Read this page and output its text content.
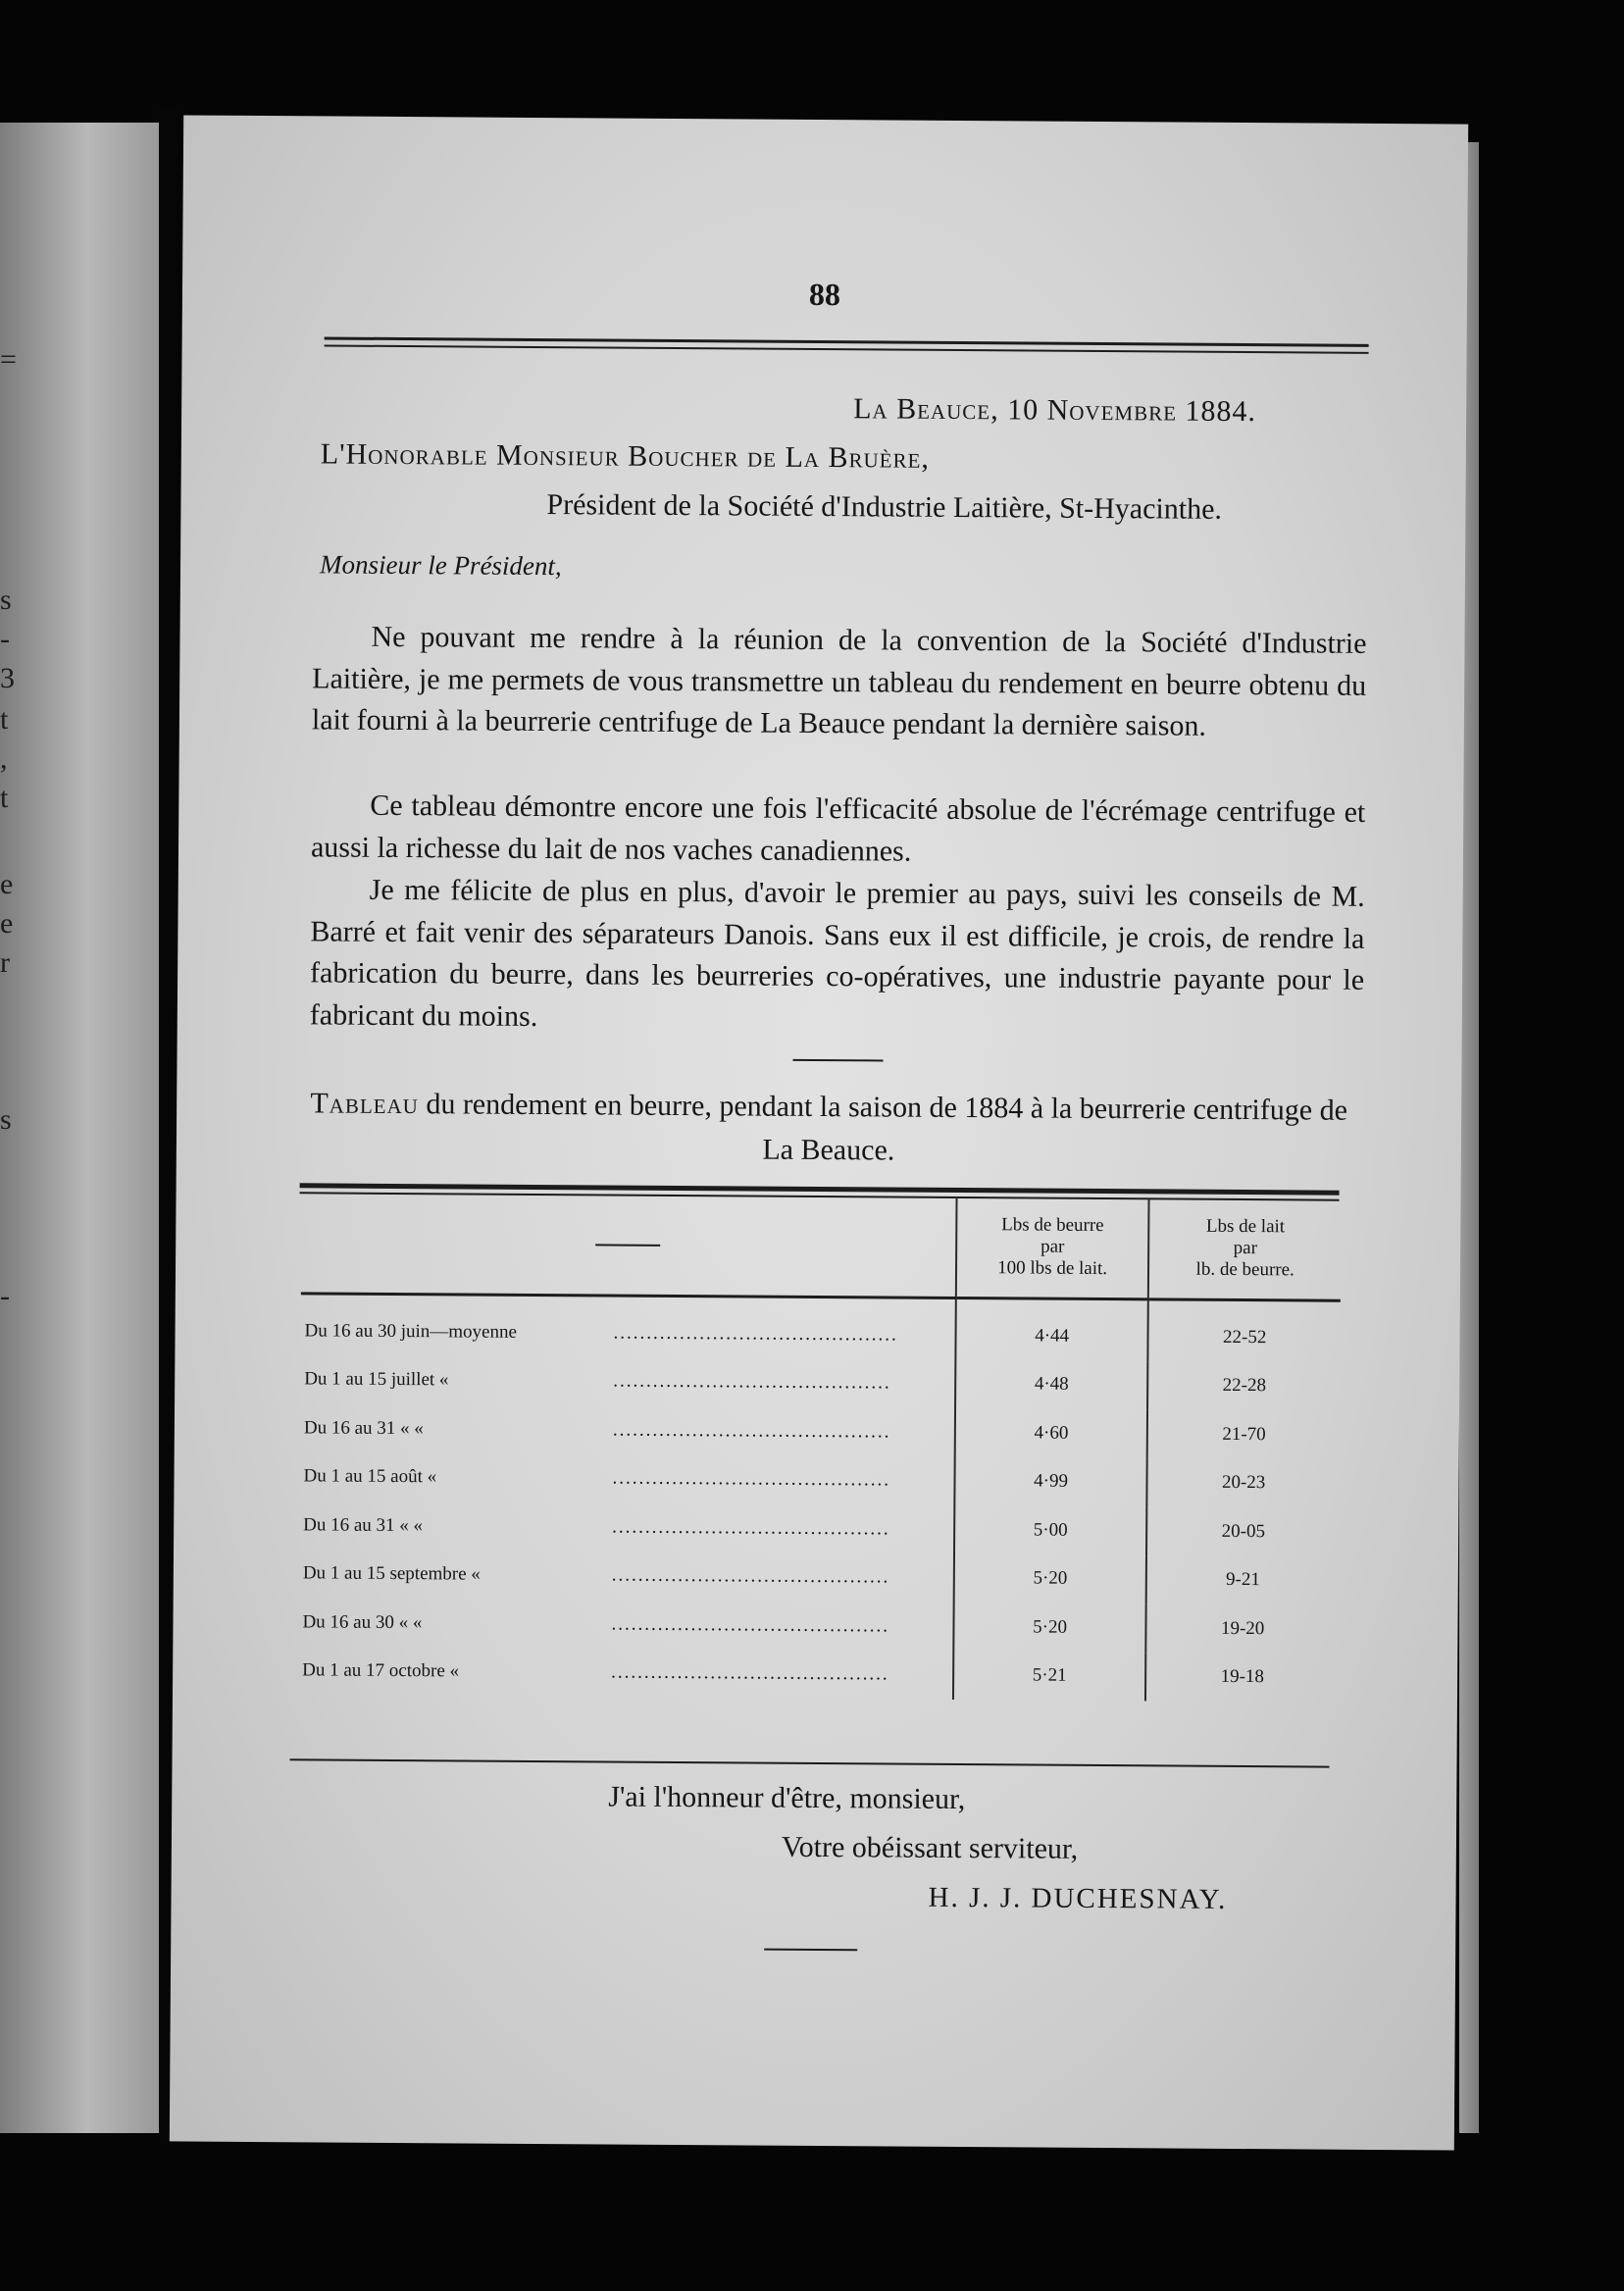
=
s
-
3
t
,
t
e
e
r
s
-
88
La Beauce, 10 Novembre 1884.
L'Honorable Monsieur Boucher de La Bruère,
Président de la Société d'Industrie Laitière, St-Hyacinthe.
Monsieur le Président,
Ne pouvant me rendre à la réunion de la convention de la Société d'Industrie Laitière, je me permets de vous transmettre un tableau du rendement en beurre obtenu du lait fourni à la beurrerie centrifuge de La Beauce pendant la dernière saison.
Ce tableau démontre encore une fois l'efficacité absolue de l'écrémage centrifuge et aussi la richesse du lait de nos vaches canadiennes.
Je me félicite de plus en plus, d'avoir le premier au pays, suivi les conseils de M. Barré et fait venir des séparateurs Danois. Sans eux il est difficile, je crois, de rendre la fabrication du beurre, dans les beurreries co-opératives, une industrie payante pour le fabricant du moins.
Tableau du rendement en beurre, pendant la saison de 1884 à la beurrerie centrifuge de La Beauce.
	Lbs de beurre
par
100 lbs de lait.	Lbs de lait
par
lb. de beurre.
Du 16 au 30 juin—moyenne ...........................................	4·44	22-52
Du 1 au 15 juillet « ..........................................	4·48	22-28
Du 16 au 31 « « ..........................................	4·60	21-70
Du 1 au 15 août « ..........................................	4·99	20-23
Du 16 au 31 « « ..........................................	5·00	20-05
Du 1 au 15 septembre « ..........................................	5·20	9-21
Du 16 au 30 « « ..........................................	5·20	19-20
Du 1 au 17 octobre « ..........................................	5·21	19-18
J'ai l'honneur d'être, monsieur,
Votre obéissant serviteur,
H. J. J. DUCHESNAY.
